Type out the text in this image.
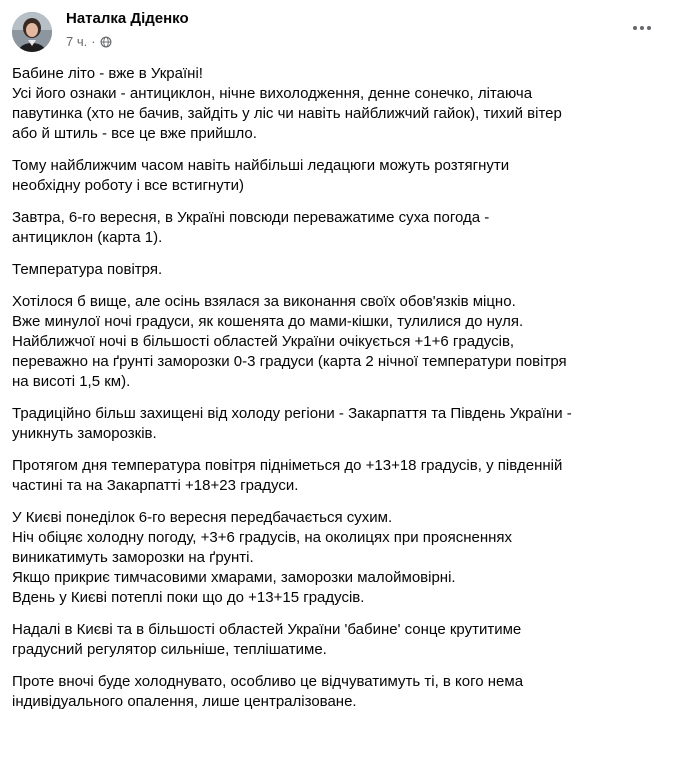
Наталка Діденко
7 ч. ·
Бабине літо - вже в Україні!
Усі його ознаки - антициклон, нічне вихолодження, денне сонечко, літаюча
павутинка (хто не бачив, зайдіть у ліс чи навіть найближчий гайок), тихий вітер
або й штиль - все це вже прийшло.
Тому найближчим часом навіть найбільші ледацюги можуть розтягнути
необхідну роботу і все встигнути)
Завтра, 6-го вересня, в Україні повсюди переважатиме суха погода -
антициклон (карта 1).
Температура повітря.
Хотілося б вище, але осінь взялася за виконання своїх обов'язків міцно.
Вже минулої ночі градуси, як кошенята до мами-кішки, тулилися до нуля.
Найближчої ночі в більшості областей України очікується +1+6 градусів,
переважно на ґрунті заморозки 0-3 градуси (карта 2 нічної температури повітря
на висоті 1,5 км).
Традиційно більш захищені від холоду регіони - Закарпаття та Південь України -
уникнуть заморозків.
Протягом дня температура повітря підніметься до +13+18 градусів, у південній
частині та на Закарпатті +18+23 градуси.
У Києві понеділок 6-го вересня передбачається сухим.
Ніч обіцяє холодну погоду, +3+6 градусів, на околицях при проясненнях
виникатимуть заморозки на ґрунті.
Якщо прикриє тимчасовими хмарами, заморозки малоймовірні.
Вдень у Києві потеплі поки що до +13+15 градусів.
Надалі в Києві та в більшості областей України 'бабине' сонце крутитиме
градусний регулятор сильніше, теплішатиме.
Проте вночі буде холоднувато, особливо це відчуватимуть ті, в кого нема
індивідуального опалення, лише централізоване.
